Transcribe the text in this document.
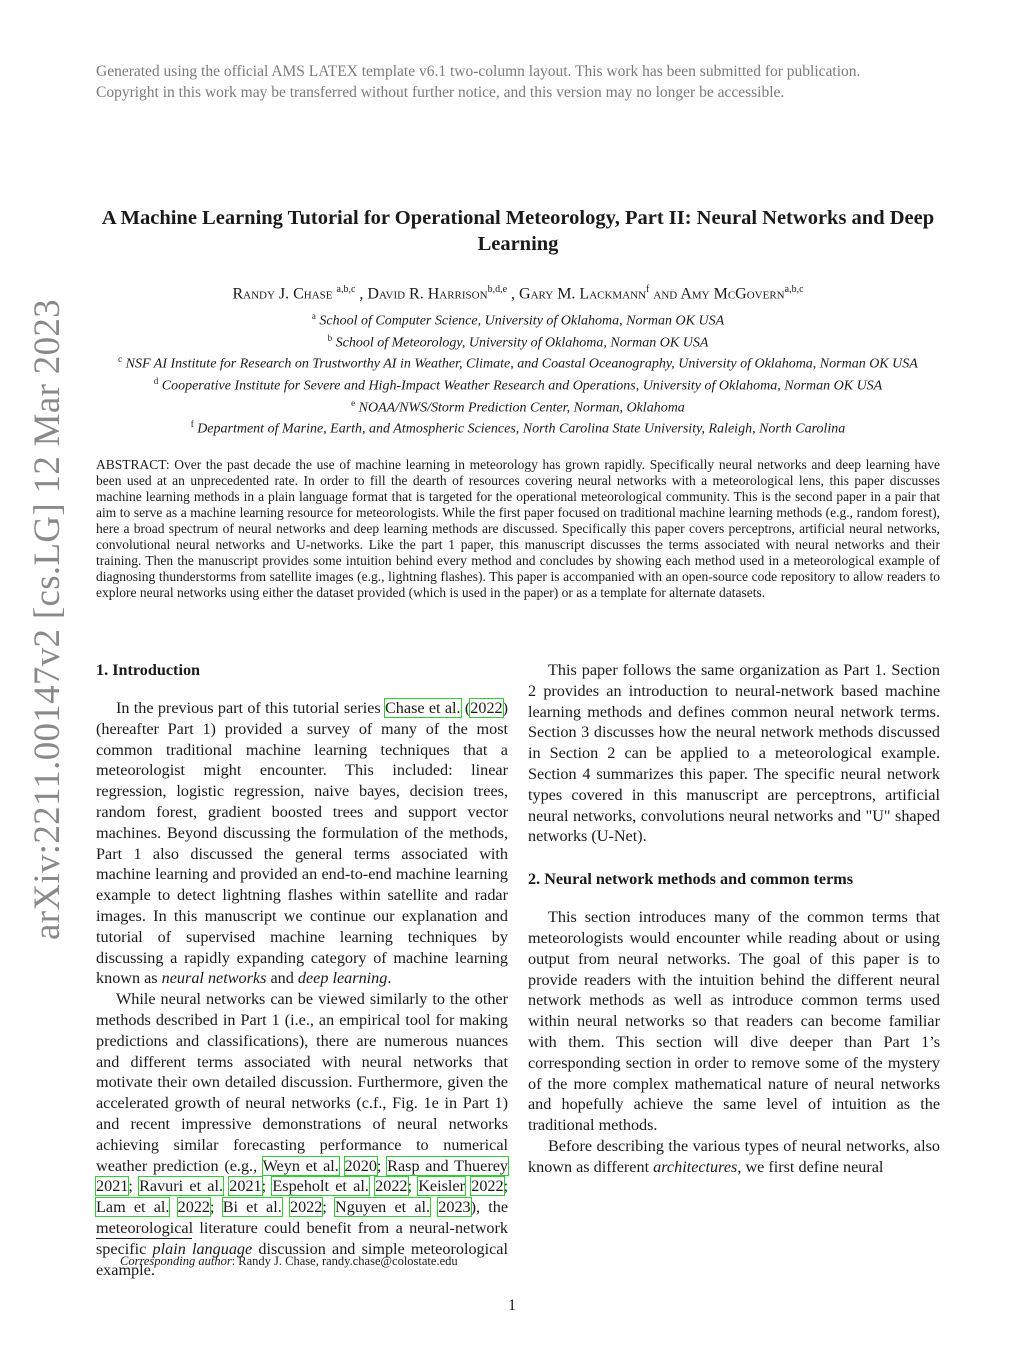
Generated using the official AMS LATEX template v6.1 two-column layout. This work has been submitted for publication. Copyright in this work may be transferred without further notice, and this version may no longer be accessible.
arXiv:2211.00147v2 [cs.LG] 12 Mar 2023
A Machine Learning Tutorial for Operational Meteorology, Part II: Neural Networks and Deep Learning
Randy J. Chase $^{a,b,c}$ , David R. Harrison$^{b,d,e}$ , Gary M. Lackmann$^f$ and Amy McGovern$^{a,b,c}$
$^a$ School of Computer Science, University of Oklahoma, Norman OK USA
$^b$ School of Meteorology, University of Oklahoma, Norman OK USA
$^c$ NSF AI Institute for Research on Trustworthy AI in Weather, Climate, and Coastal Oceanography, University of Oklahoma, Norman OK USA
$^d$ Cooperative Institute for Severe and High-Impact Weather Research and Operations, University of Oklahoma, Norman OK USA
$^e$ NOAA/NWS/Storm Prediction Center, Norman, Oklahoma
$^f$ Department of Marine, Earth, and Atmospheric Sciences, North Carolina State University, Raleigh, North Carolina
ABSTRACT: Over the past decade the use of machine learning in meteorology has grown rapidly. Specifically neural networks and deep learning have been used at an unprecedented rate. In order to fill the dearth of resources covering neural networks with a meteorological lens, this paper discusses machine learning methods in a plain language format that is targeted for the operational meteorological community. This is the second paper in a pair that aim to serve as a machine learning resource for meteorologists. While the first paper focused on traditional machine learning methods (e.g., random forest), here a broad spectrum of neural networks and deep learning methods are discussed. Specifically this paper covers perceptrons, artificial neural networks, convolutional neural networks and U-networks. Like the part 1 paper, this manuscript discusses the terms associated with neural networks and their training. Then the manuscript provides some intuition behind every method and concludes by showing each method used in a meteorological example of diagnosing thunderstorms from satellite images (e.g., lightning flashes). This paper is accompanied with an open-source code repository to allow readers to explore neural networks using either the dataset provided (which is used in the paper) or as a template for alternate datasets.
1. Introduction

In the previous part of this tutorial series Chase et al. (2022) (hereafter Part 1) provided a survey of many of the most common traditional machine learning techniques that a meteorologist might encounter. This included: linear regression, logistic regression, naive bayes, decision trees, random forest, gradient boosted trees and support vector machines. Beyond discussing the formulation of the methods, Part 1 also discussed the general terms associated with machine learning and provided an end-to-end machine learning example to detect lightning flashes within satellite and radar images. In this manuscript we continue our explanation and tutorial of supervised machine learning techniques by discussing a rapidly expanding category of machine learning known as neural networks and deep learning.

While neural networks can be viewed similarly to the other methods described in Part 1 (i.e., an empirical tool for making predictions and classifications), there are numerous nuances and different terms associated with neural networks that motivate their own detailed discussion. Furthermore, given the accelerated growth of neural networks (c.f., Fig. 1e in Part 1) and recent impressive demonstrations of neural networks achieving similar forecasting performance to numerical weather prediction (e.g., Weyn et al. 2020; Rasp and Thuerey 2021; Ravuri et al. 2021; Espeholt et al. 2022; Keisler 2022; Lam et al. 2022; Bi et al. 2022; Nguyen et al. 2023), the meteorological literature could benefit from a neural-network specific plain language discussion and simple meteorological example.

This paper follows the same organization as Part 1. Section 2 provides an introduction to neural-network based machine learning methods and defines common neural network terms. Section 3 discusses how the neural network methods discussed in Section 2 can be applied to a meteorological example. Section 4 summarizes this paper. The specific neural network types covered in this manuscript are perceptrons, artificial neural networks, convolutions neural networks and "U" shaped networks (U-Net).

2. Neural network methods and common terms

This section introduces many of the common terms that meteorologists would encounter while reading about or using output from neural networks. The goal of this paper is to provide readers with the intuition behind the different neural network methods as well as introduce common terms used within neural networks so that readers can become familiar with them. This section will dive deeper than Part 1’s corresponding section in order to remove some of the mystery of the more complex mathematical nature of neural networks and hopefully achieve the same level of intuition as the traditional methods.

Before describing the various types of neural networks, also known as different architectures, we first define neural

Corresponding author: Randy J. Chase, randy.chase@colostate.edu
1
